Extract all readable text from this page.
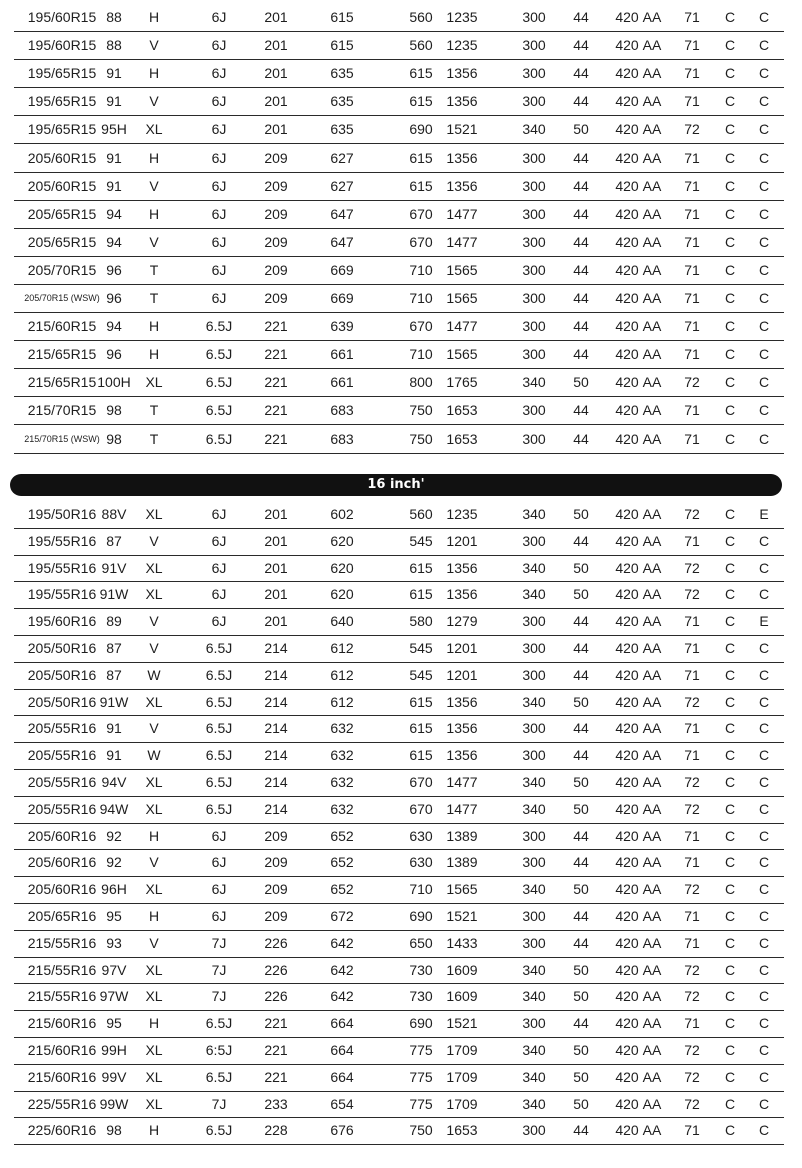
195/60R15 88 H	6J	201	615	560 1235	300 44 420 AA 71 C C
195/60R15 88 V	6J	201	615	560 1235	300 44 420 AA 71 C C
195/65R15 91 H	6J	201	635	615 1356	300 44 420 AA 71 C C
195/65R15 91 V	6J	201	635	615 1356	300 44 420 AA 71 C C
195/65R15 95H XL	6J	201	635	690 1521	340 50 420 AA 72 C C
205/60R15 91 H	6J	209	627	615 1356	300 44 420 AA 71 C C
205/60R15 91 V	6J	209	627	615 1356	300 44 420 AA 71 C C
205/65R15 94 H	6J	209	647	670 1477	300 44 420 AA 71 C C
205/65R15 94 V	6J	209	647	670 1477	300 44 420 AA 71 C C
205/70R15 96 T	6J	209	669	710 1565	300 44 420 AA 71 C C
205/70R15 (WSW) 96 T	6J	209	669	710 1565	300 44 420 AA 71 C C
215/60R15 94 H	6.5J 221	639	670 1477	300 44 420 AA 71 C C
215/65R15 96 H	6.5J 221	661	710 1565	300 44 420 AA 71 C C
215/65R15 100H XL	6.5J 221	661	800 1765	340 50 420 AA 72 C C
215/70R15 98 T	6.5J 221	683	750 1653	300 44 420 AA 71 C C
215/70R15 (WSW) 98 T	6.5J 221	683	750 1653	300 44 420 AA 71 C C
16 inch'
195/50R16 88V XL	6J	201	602	560 1235	340 50 420 AA 72 C E
195/55R16 87 V	6J	201	620	545 1201	300 44 420 AA 71 C C
195/55R16 91V XL	6J	201	620	615 1356	340 50 420 AA 72 C C
195/55R16 91W XL	6J	201	620	615 1356	340 50 420 AA 72 C C
195/60R16 89 V	6J	201	640	580 1279	300 44 420 AA 71 C E
205/50R16 87 V	6.5J 214	612	545 1201	300 44 420 AA 71 C C
205/50R16 87 W	6.5J 214	612	545 1201	300 44 420 AA 71 C C
205/50R16 91W XL	6.5J 214	612	615 1356	340 50 420 AA 72 C C
205/55R16 91 V	6.5J 214	632	615 1356	300 44 420 AA 71 C C
205/55R16 91 W	6.5J 214	632	615 1356	300 44 420 AA 71 C C
205/55R16 94V XL	6.5J 214	632	670 1477	340 50 420 AA 72 C C
205/55R16 94W XL	6.5J 214	632	670 1477	340 50 420 AA 72 C C
205/60R16 92 H	6J	209	652	630 1389	300 44 420 AA 71 C C
205/60R16 92 V	6J	209	652	630 1389	300 44 420 AA 71 C C
205/60R16 96H XL	6J	209	652	710 1565	340 50 420 AA 72 C C
205/65R16 95 H	6J	209	672	690 1521	300 44 420 AA 71 C C
215/55R16 93 V	7J	226	642	650 1433	300 44 420 AA 71 C C
215/55R16 97V XL	7J	226	642	730 1609	340 50 420 AA 72 C C
215/55R16 97W XL	7J	226	642	730 1609	340 50 420 AA 72 C C
215/60R16 95 H	6.5J 221	664	690 1521	300 44 420 AA 71 C C
215/60R16 99H XL	6:5J 221	664	775 1709	340 50 420 AA 72 C C
215/60R16 99V XL	6.5J 221	664	775 1709	340 50 420 AA 72 C C
225/55R16 99W XL	7J	233	654	775 1709	340 50 420 AA 72 C C
225/60R16 98 H	6.5J 228	676	750 1653	300 44 420 AA 71 C C
